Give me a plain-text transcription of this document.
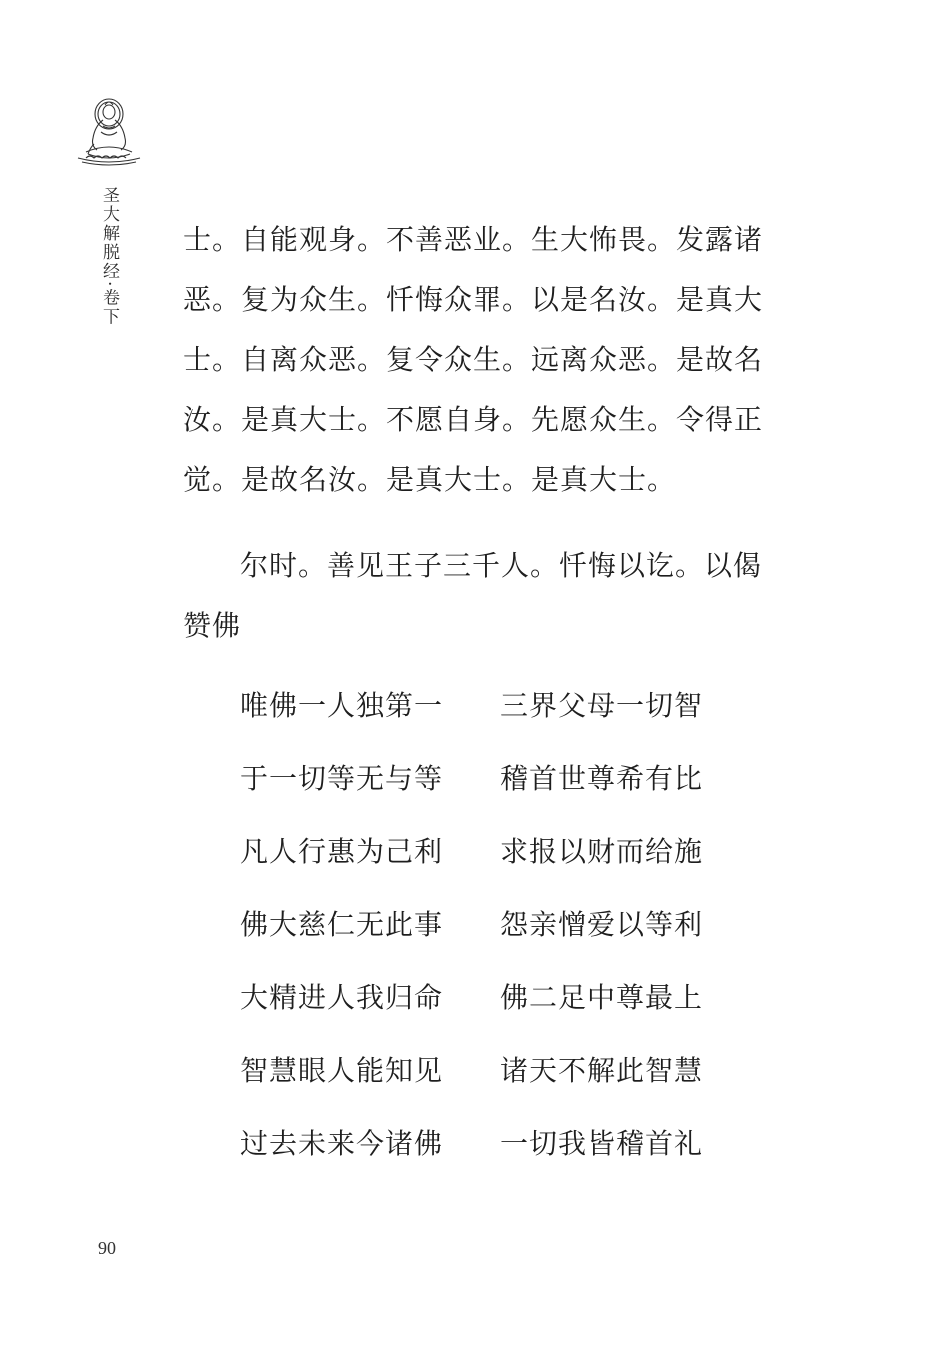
圣大解脱经·卷下 士。自能观身。不善恶业。生大怖畏。发露诸恶。复为众生。忏悔众罪。以是名汝。是真大士。自离众恶。复令众生。远离众恶。是故名汝。是真大士。不愿自身。先愿众生。令得正觉。是故名汝。是真大士。是真大士。

尔时。善见王子三千人。忏悔以讫。以偈赞佛

唯佛一人独第一	三界父母一切智
于一切等无与等	稽首世尊希有比
凡人行惠为己利	求报以财而给施
佛大慈仁无此事	怨亲憎爱以等利
大精进人我归命	佛二足中尊最上
智慧眼人能知见	诸天不解此智慧
过去未来今诸佛	一切我皆稽首礼
90
